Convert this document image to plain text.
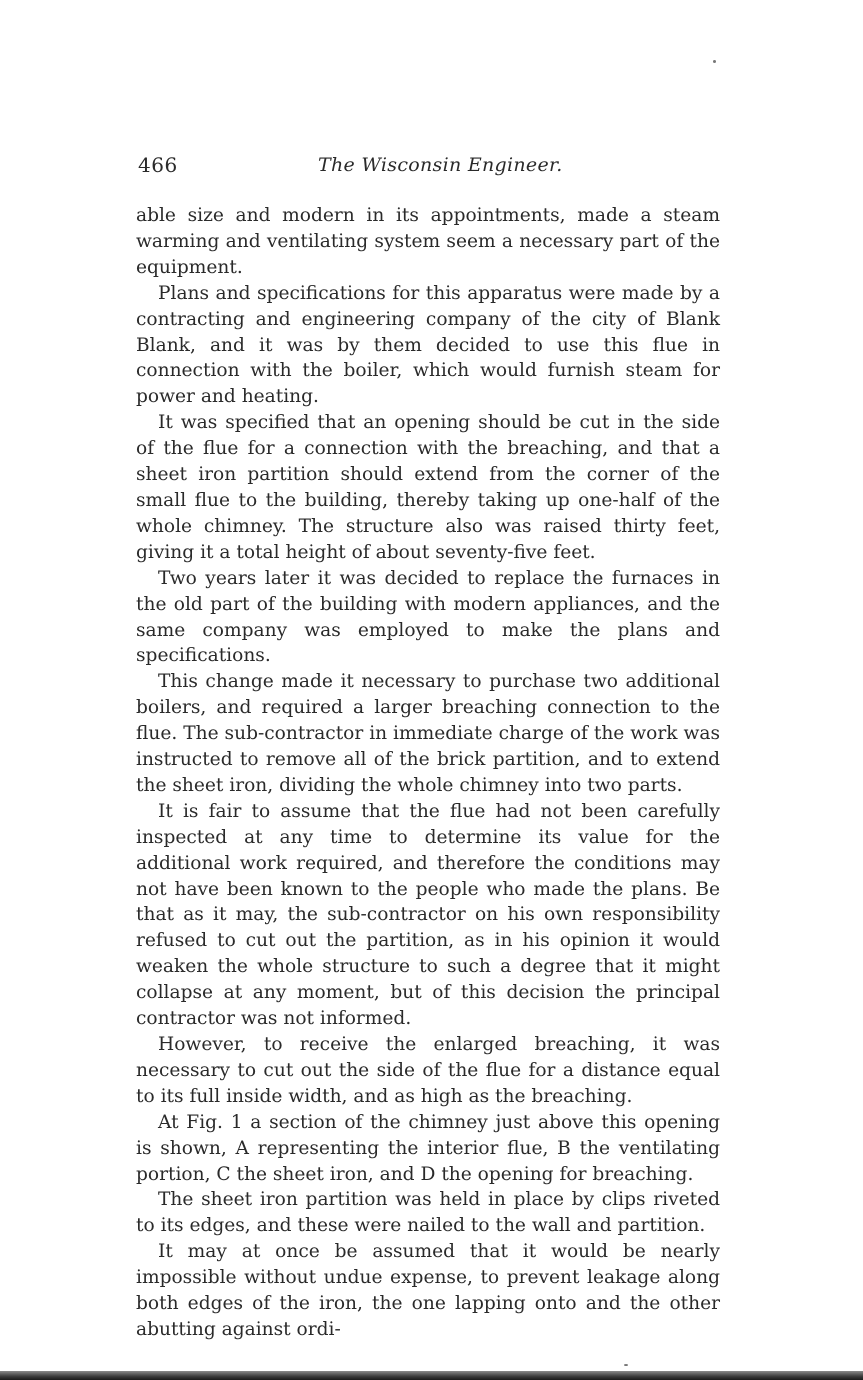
466	The Wisconsin Engineer.

able size and modern in its appointments, made a steam warming and ventilating system seem a necessary part of the equipment.

Plans and specifications for this apparatus were made by a contracting and engineering company of the city of Blank Blank, and it was by them decided to use this flue in connection with the boiler, which would furnish steam for power and heating.

It was specified that an opening should be cut in the side of the flue for a connection with the breaching, and that a sheet iron partition should extend from the corner of the small flue to the building, thereby taking up one-half of the whole chimney. The structure also was raised thirty feet, giving it a total height of about seventy-five feet.

Two years later it was decided to replace the furnaces in the old part of the building with modern appliances, and the same company was employed to make the plans and specifications.

This change made it necessary to purchase two additional boilers, and required a larger breaching connection to the flue. The sub-contractor in immediate charge of the work was instructed to remove all of the brick partition, and to extend the sheet iron, dividing the whole chimney into two parts.

It is fair to assume that the flue had not been carefully inspected at any time to determine its value for the additional work required, and therefore the conditions may not have been known to the people who made the plans. Be that as it may, the sub-contractor on his own responsibility refused to cut out the partition, as in his opinion it would weaken the whole structure to such a degree that it might collapse at any moment, but of this decision the principal contractor was not informed.

However, to receive the enlarged breaching, it was necessary to cut out the side of the flue for a distance equal to its full inside width, and as high as the breaching.

At Fig. 1 a section of the chimney just above this opening is shown, A representing the interior flue, B the ventilating portion, C the sheet iron, and D the opening for breaching.

The sheet iron partition was held in place by clips riveted to its edges, and these were nailed to the wall and partition.

It may at once be assumed that it would be nearly impossible without undue expense, to prevent leakage along both edges of the iron, the one lapping onto and the other abutting against ordi-
